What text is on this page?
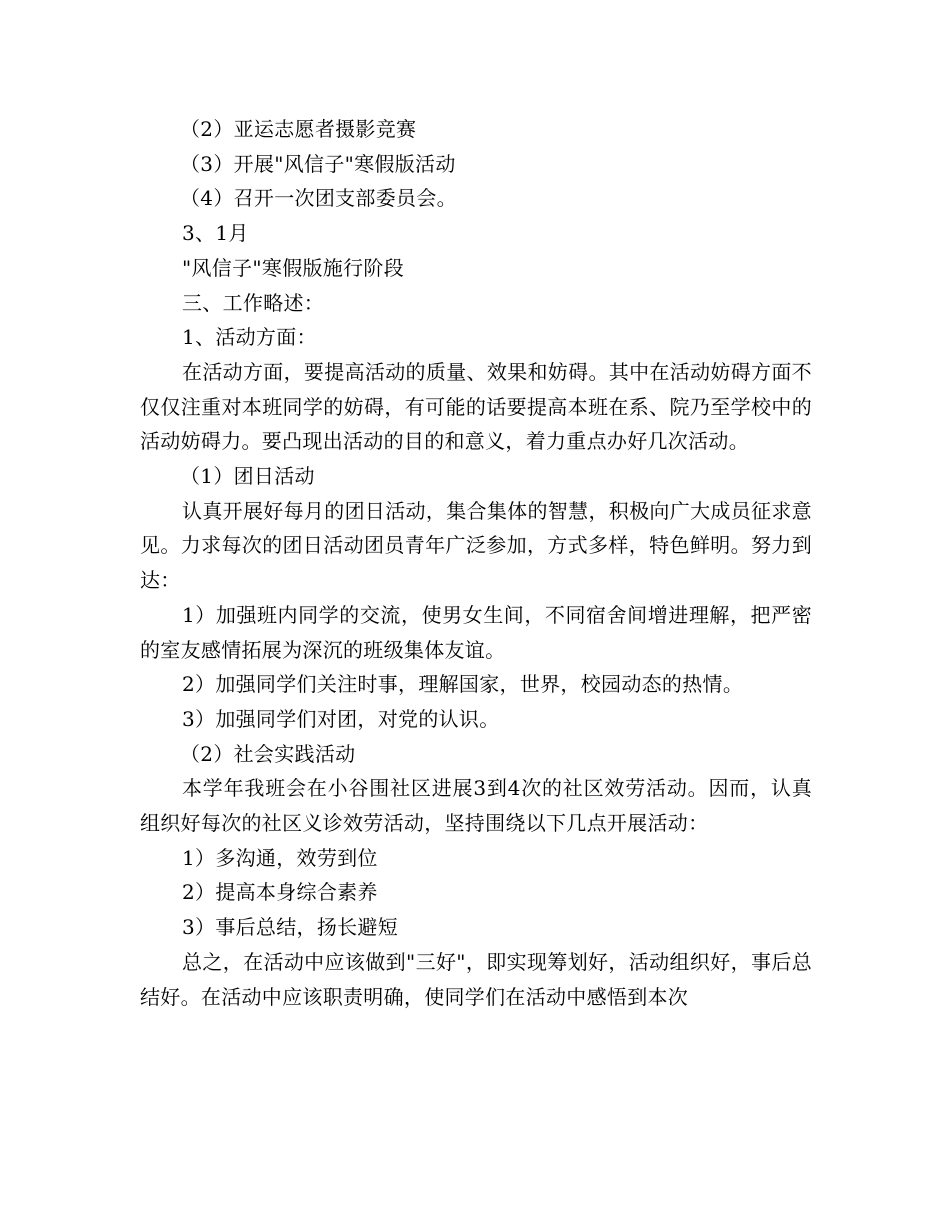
（2）亚运志愿者摄影竞赛

（3）开展"风信子"寒假版活动

（4）召开一次团支部委员会。

3、1月

"风信子"寒假版施行阶段

三、工作略述：

1、活动方面：

在活动方面，要提高活动的质量、效果和妨碍。其中在活动妨碍方面不仅仅注重对本班同学的妨碍，有可能的话要提高本班在系、院乃至学校中的活动妨碍力。要凸现出活动的目的和意义，着力重点办好几次活动。

（1）团日活动

认真开展好每月的团日活动，集合集体的智慧，积极向广大成员征求意见。力求每次的团日活动团员青年广泛参加，方式多样，特色鲜明。努力到达：

1）加强班内同学的交流，使男女生间，不同宿舍间增进理解，把严密的室友感情拓展为深沉的班级集体友谊。

2）加强同学们关注时事，理解国家，世界，校园动态的热情。

3）加强同学们对团，对党的认识。

（2）社会实践活动

本学年我班会在小谷围社区进展3到4次的社区效劳活动。因而，认真组织好每次的社区义诊效劳活动，坚持围绕以下几点开展活动：

1）多沟通，效劳到位

2）提高本身综合素养

3）事后总结，扬长避短

总之，在活动中应该做到"三好"，即实现筹划好，活动组织好，事后总结好。在活动中应该职责明确，使同学们在活动中感悟到本次
